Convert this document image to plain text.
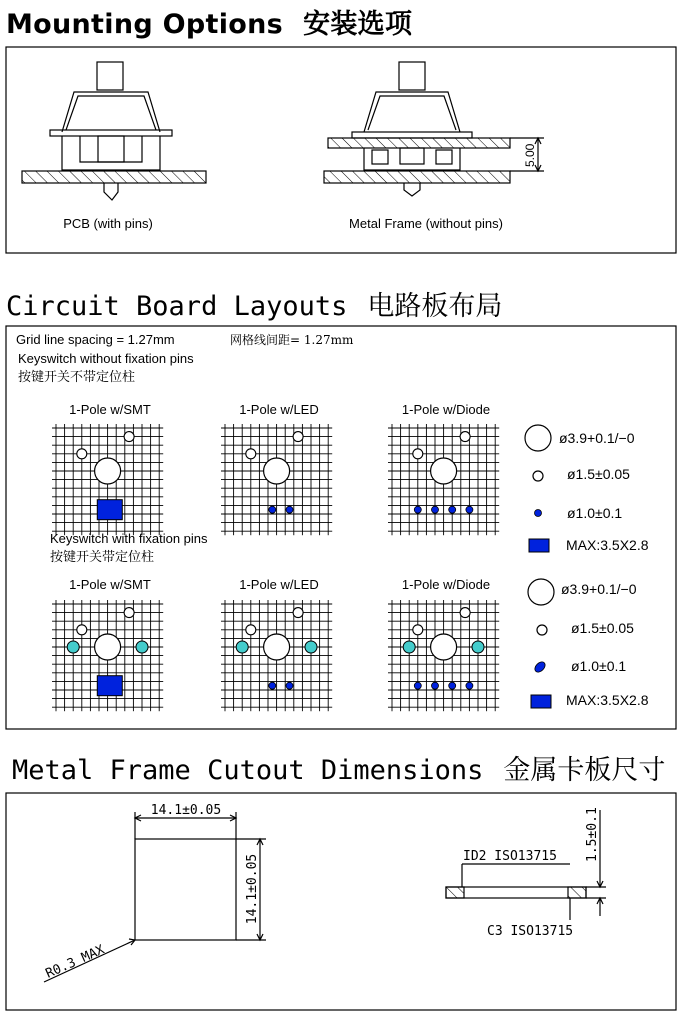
Mounting Options 安装选项
Circuit Board Layouts 电路板布局
Metal Frame Cutout Dimensions 金属卡板尺寸
PCB (with pins)
5.00
Metal Frame (without pins)
Grid line spacing = 1.27mm	网格线间距= 1.27mm
Keyswitch without fixation pins
按键开关不带定位柱
Keyswitch with fixation pins
按键开关带定位柱
1-Pole w/SMT	1-Pole w/LED	1-Pole w/Diode
1-Pole w/SMT	1-Pole w/LED	1-Pole w/Diode
ø3.9+0.1/−0
ø1.5±0.05
ø1.0±0.1
MAX:3.5X2.8
ø3.9+0.1/−0
ø1.5±0.05
ø1.0±0.1
MAX:3.5X2.8
14.1±0.05
14.1±0.05
R0.3 MAX
1.5±0.1
ID2 ISO13715
C3 ISO13715
